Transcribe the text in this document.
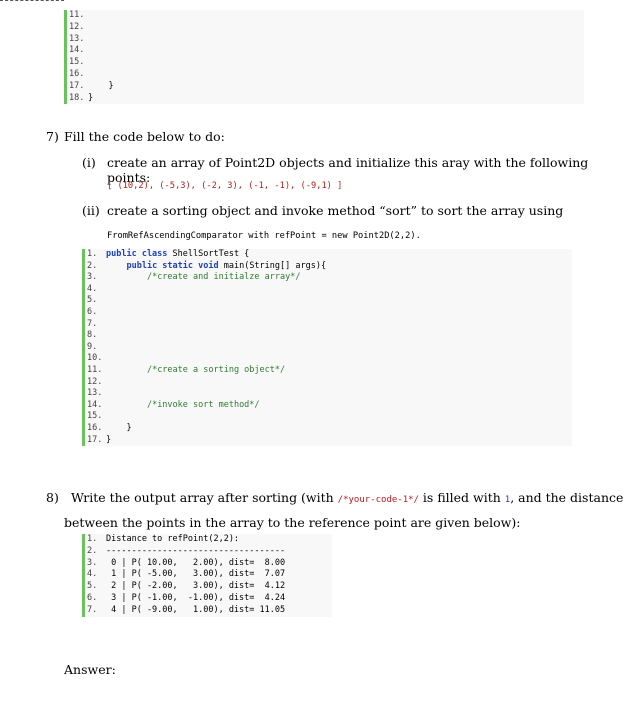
11.
12.
13.
14.
15.
16.
17. }
18. }
7) Fill the code below to do:
(i) create an array of Point2D objects and initialize this aray with the following points:
[ (10,2), (-5,3), (-2, 3), (-1, -1), (-9,1) ]
(ii) create a sorting object and invoke method “sort” to sort the array using
FromRefAscendingComparator with refPoint = new Point2D(2,2).
1.	public class ShellSortTest {
2.	public static void main(String[] args){
3.	/*create and initialze array*/
4.
5.
6.
7.
8.
9.
10.
11.	/*create a sorting object*/
12.
13.
14.	/*invoke sort method*/
15.
16.	}
17. }
8) Write the output array after sorting (with /*your-code-1*/ is filled with 1, and the distance
between the points in the array to the reference point are given below):
1.	Distance to refPoint(2,2):
2.	-----------------------------------
3.	0 | P( 10.00,   2.00), dist=  8.00
4.	1 | P( -5.00,   3.00), dist=  7.07
5.	2 | P( -2.00,   3.00), dist=  4.12
6.	3 | P( -1.00,  -1.00), dist=  4.24
7.	4 | P( -9.00,   1.00), dist= 11.05
Answer:
